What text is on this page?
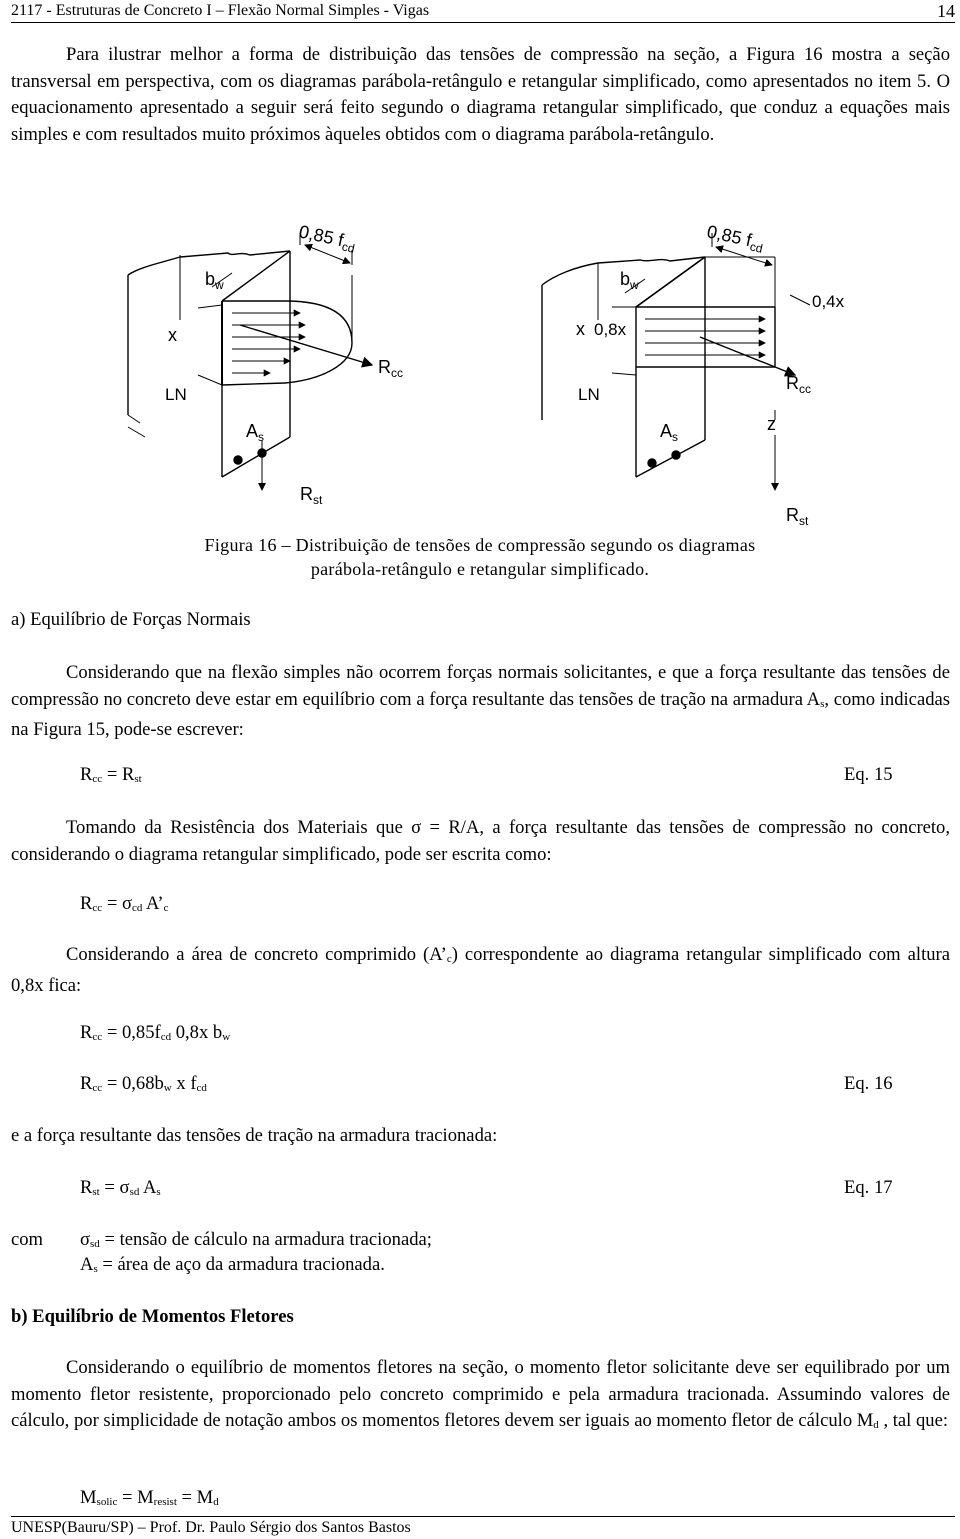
2117 - Estruturas de Concreto I – Flexão Normal Simples - Vigas	14

Para ilustrar melhor a forma de distribuição das tensões de compressão na seção, a Figura 16 mostra a seção transversal em perspectiva, com os diagramas parábola-retângulo e retangular simplificado, como apresentados no item 5. O equacionamento apresentado a seguir será feito segundo o diagrama retangular simplificado, que conduz a equações mais simples e com resultados muito próximos àqueles obtidos com o diagrama parábola-retângulo.

0,85 $f_{cd}$
$b_w$
x
LN
$R_{cc}$
$A_s$
$R_{st}$
0,85 $f_{cd}$
$b_w$
0,4x
x 0,8x
LN
$R_{cc}$
z
$A_s$
$R_{st}$
Figura 16 – Distribuição de tensões de compressão segundo os diagramas
parábola-retângulo e retangular simplificado.
a) Equilíbrio de Forças Normais

Considerando que na flexão simples não ocorrem forças normais solicitantes, e que a força resultante das tensões de compressão no concreto deve estar em equilíbrio com a força resultante das tensões de tração na armadura As, como indicadas na Figura 15, pode-se escrever:

Rcc = Rst	Eq. 15

Tomando da Resistência dos Materiais que σ = R/A, a força resultante das tensões de compressão no concreto, considerando o diagrama retangular simplificado, pode ser escrita como:

Rcc = σcd A’c

Considerando a área de concreto comprimido (A’c) correspondente ao diagrama retangular simplificado com altura 0,8x fica:

Rcc = 0,85fcd 0,8x bw
Rcc = 0,68bw x fcd	Eq. 16
e a força resultante das tensões de tração na armadura tracionada:
Rst = σsd As	Eq. 17
com σsd = tensão de cálculo na armadura tracionada;
As = área de aço da armadura tracionada.
b) Equilíbrio de Momentos Fletores

Considerando o equilíbrio de momentos fletores na seção, o momento fletor solicitante deve ser equilibrado por um momento fletor resistente, proporcionado pelo concreto comprimido e pela armadura tracionada. Assumindo valores de cálculo, por simplicidade de notação ambos os momentos fletores devem ser iguais ao momento fletor de cálculo Md , tal que:

Msolic = Mresist = Md
UNESP(Bauru/SP) – Prof. Dr. Paulo Sérgio dos Santos Bastos
